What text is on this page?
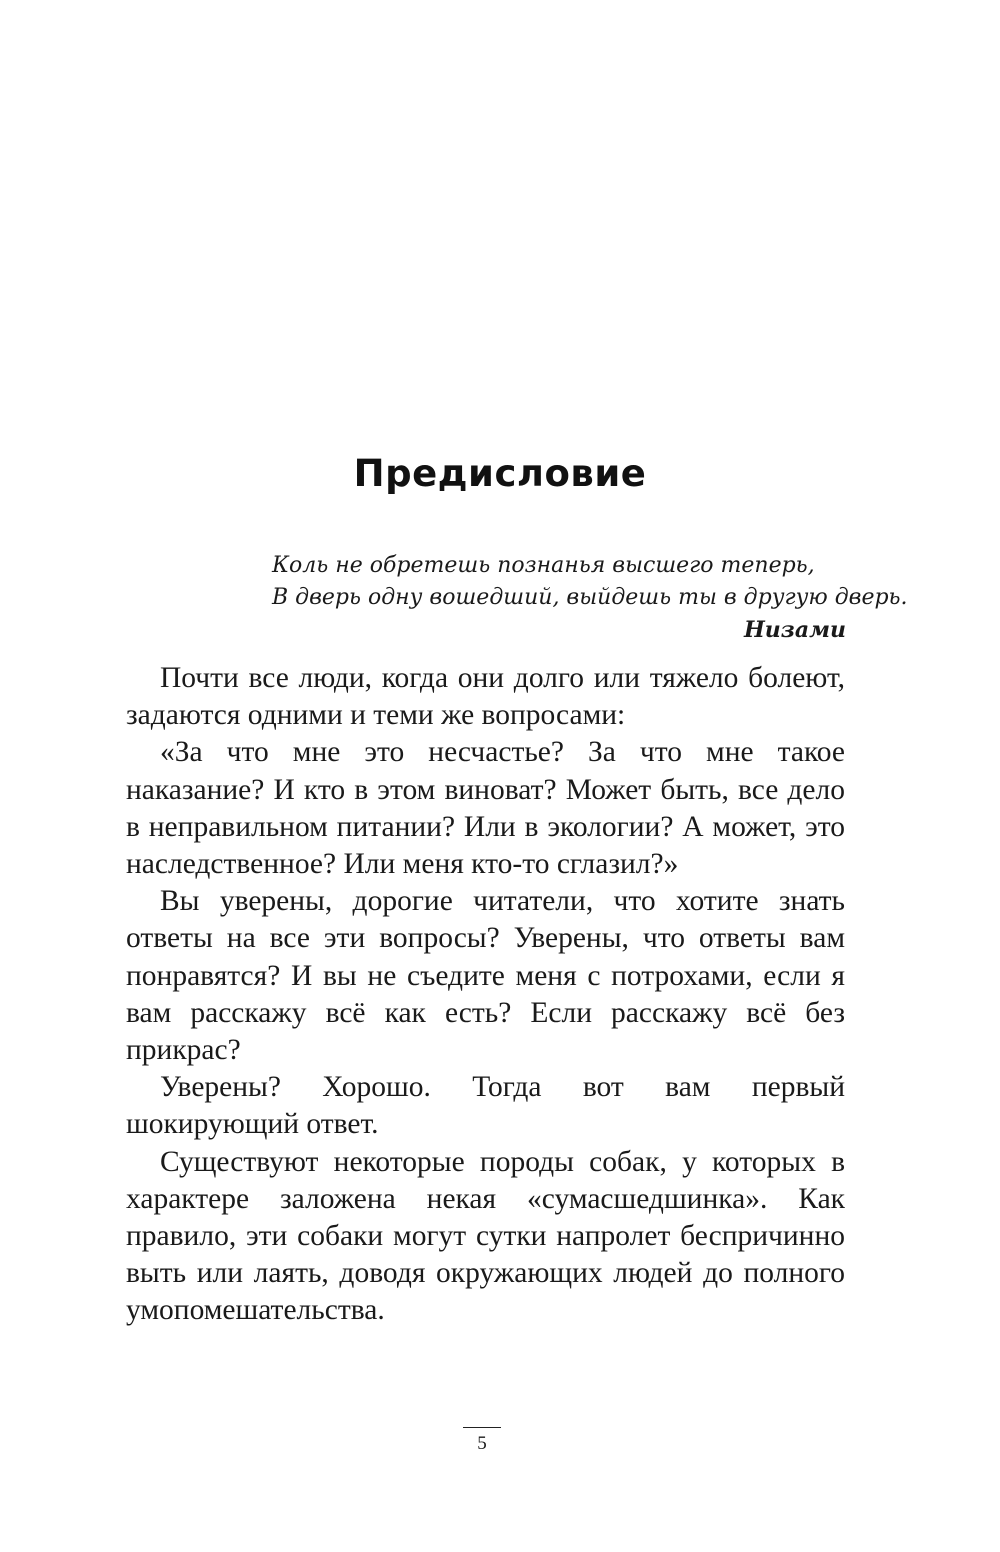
Предисловие
Коль не обретешь познанья высшего теперь,
В дверь одну вошедший, выйдешь ты в другую дверь.
Низами

Почти все люди, когда они долго или тяжело болеют, задаются одними и теми же вопросами:

«За что мне это несчастье? За что мне такое наказание? И кто в этом виноват? Может быть, все дело в неправильном питании? Или в экологии? А может, это наследственное? Или меня кто-то сглазил?»

Вы уверены, дорогие читатели, что хотите знать ответы на все эти вопросы? Уверены, что ответы вам понравятся? И вы не съедите меня с потрохами, если я вам расскажу всё как есть? Если расскажу всё без прикрас?

Уверены? Хорошо. Тогда вот вам первый шокирующий ответ.

Существуют некоторые породы собак, у которых в характере заложена некая «сумасшедшинка». Как правило, эти собаки могут сутки напролет беспричинно выть или лаять, доводя окружающих людей до полного умопомешательства.

5
